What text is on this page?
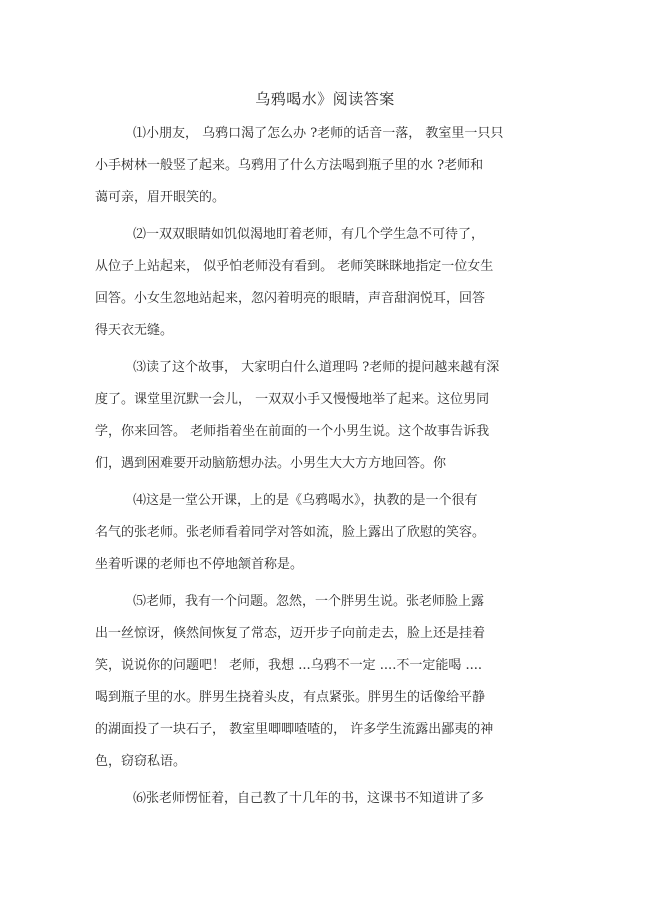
乌鸦喝水》阅读答案
⑴小朋友， 乌鸦口渴了怎么办 ?老师的话音一落， 教室里一只只
小手树林一般竖了起来。乌鸦用了什么方法喝到瓶子里的水 ?老师和
蔼可亲，眉开眼笑的。
⑵一双双眼睛如饥似渴地盯着老师，有几个学生急不可待了，
从位子上站起来， 似乎怕老师没有看到。 老师笑眯眯地指定一位女生
回答。小女生忽地站起来，忽闪着明亮的眼睛，声音甜润悦耳，回答
得天衣无缝。
⑶读了这个故事， 大家明白什么道理吗 ?老师的提问越来越有深
度了。课堂里沉默一会儿， 一双双小手又慢慢地举了起来。这位男同
学，你来回答。 老师指着坐在前面的一个小男生说。这个故事告诉我
们，遇到困难要开动脑筋想办法。小男生大大方方地回答。你
⑷这是一堂公开课，上的是《乌鸦喝水》，执教的是一个很有
名气的张老师。张老师看着同学对答如流，脸上露出了欣慰的笑容。
坐着听课的老师也不停地颔首称是。
⑸老师，我有一个问题。忽然，一个胖男生说。张老师脸上露
出一丝惊讶，倏然间恢复了常态，迈开步子向前走去，脸上还是挂着
笑，说说你的问题吧！ 老师，我想 ...乌鸦不一定 ....不一定能喝 ....
喝到瓶子里的水。胖男生挠着头皮，有点紧张。胖男生的话像给平静
的湖面投了一块石子， 教室里唧唧喳喳的， 许多学生流露出鄙夷的神
色，窃窃私语。
⑹张老师愣怔着，自己教了十几年的书，这课书不知道讲了多
